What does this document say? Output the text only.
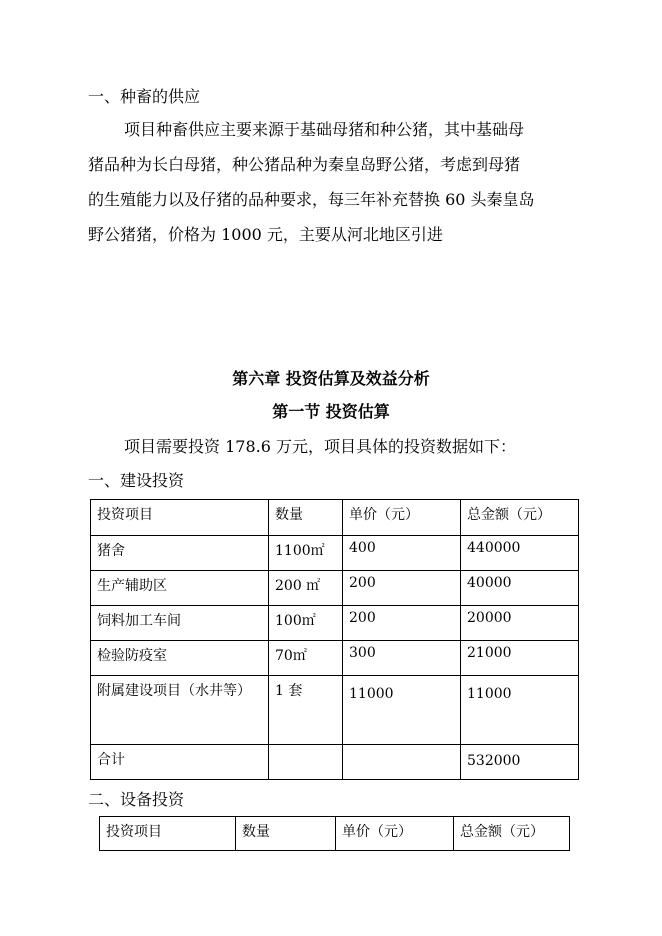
一、种畜的供应
项目种畜供应主要来源于基础母猪和种公猪，其中基础母
猪品种为长白母猪，种公猪品种为秦皇岛野公猪，考虑到母猪
的生殖能力以及仔猪的品种要求，每三年补充替换 60 头秦皇岛
野公猪猪，价格为 1000 元，主要从河北地区引进
第六章 投资估算及效益分析
第一节 投资估算
项目需要投资 178.6 万元，项目具体的投资数据如下：
一、建设投资
投资项目	数量	单价（元）	总金额（元）
猪舍	1100㎡	400	440000
生产辅助区	200 ㎡	200	40000
饲料加工车间	100㎡	200	20000
检验防疫室	70㎡	300	21000
附属建设项目（水井等）	1 套	11000	11000
合计			532000
二、设备投资
投资项目	数量	单价（元）	总金额（元）
